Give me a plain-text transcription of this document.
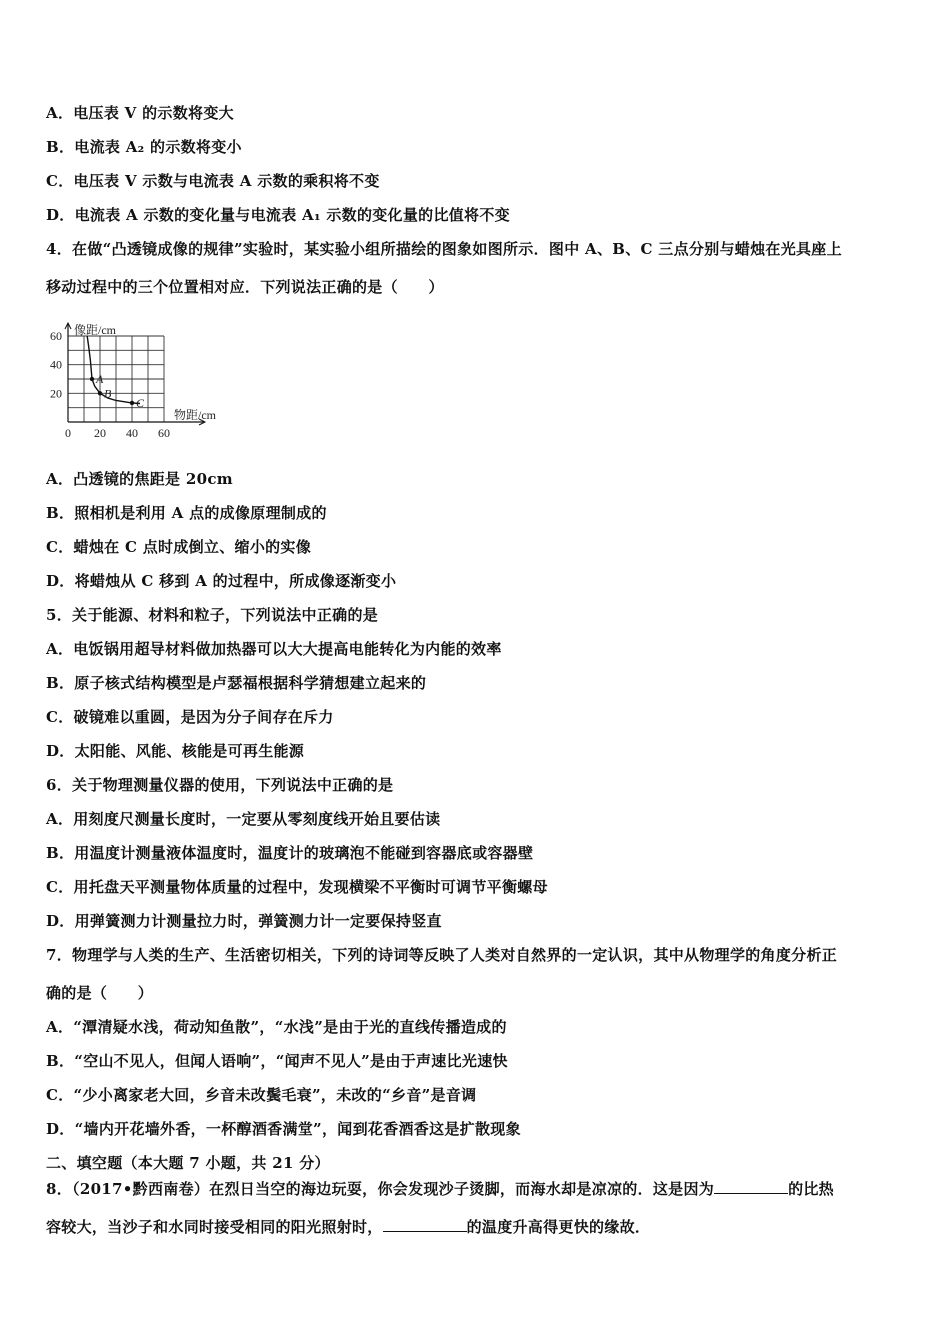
A．电压表 V 的示数将变大
B．电流表 A₂ 的示数将变小
C．电压表 V 示数与电流表 A 示数的乘积将不变
D．电流表 A 示数的变化量与电流表 A₁ 示数的变化量的比值将不变
4．在做“凸透镜成像的规律”实验时，某实验小组所描绘的图象如图所示．图中 A、B、C 三点分别与蜡烛在光具座上
移动过程中的三个位置相对应．下列说法正确的是（　　）
A
B
C
0 20 40 60
20
40
60 像距/cm
物距/cm
A．凸透镜的焦距是 20cm
B．照相机是利用 A 点的成像原理制成的
C．蜡烛在 C 点时成倒立、缩小的实像
D．将蜡烛从 C 移到 A 的过程中，所成像逐渐变小
5．关于能源、材料和粒子，下列说法中正确的是
A．电饭锅用超导材料做加热器可以大大提高电能转化为内能的效率
B．原子核式结构模型是卢瑟福根据科学猜想建立起来的
C．破镜难以重圆，是因为分子间存在斥力
D．太阳能、风能、核能是可再生能源
6．关于物理测量仪器的使用，下列说法中正确的是
A．用刻度尺测量长度时，一定要从零刻度线开始且要估读
B．用温度计测量液体温度时，温度计的玻璃泡不能碰到容器底或容器壁
C．用托盘天平测量物体质量的过程中，发现横梁不平衡时可调节平衡螺母
D．用弹簧测力计测量拉力时，弹簧测力计一定要保持竖直
7．物理学与人类的生产、生活密切相关，下列的诗词等反映了人类对自然界的一定认识，其中从物理学的角度分析正
确的是（　　）
A．“潭清疑水浅，荷动知鱼散”，“水浅”是由于光的直线传播造成的
B．“空山不见人，但闻人语响”，“闻声不见人”是由于声速比光速快
C．“少小离家老大回，乡音未改鬓毛衰”，未改的“乡音”是音调
D．“墙内开花墙外香，一杯醇酒香满堂”，闻到花香酒香这是扩散现象
二、填空题（本大题 7 小题，共 21 分）
8．（2017•黔西南卷）在烈日当空的海边玩耍，你会发现沙子烫脚，而海水却是凉凉的．这是因为	的比热
容较大，当沙子和水同时接受相同的阳光照射时，	的温度升高得更快的缘故．
